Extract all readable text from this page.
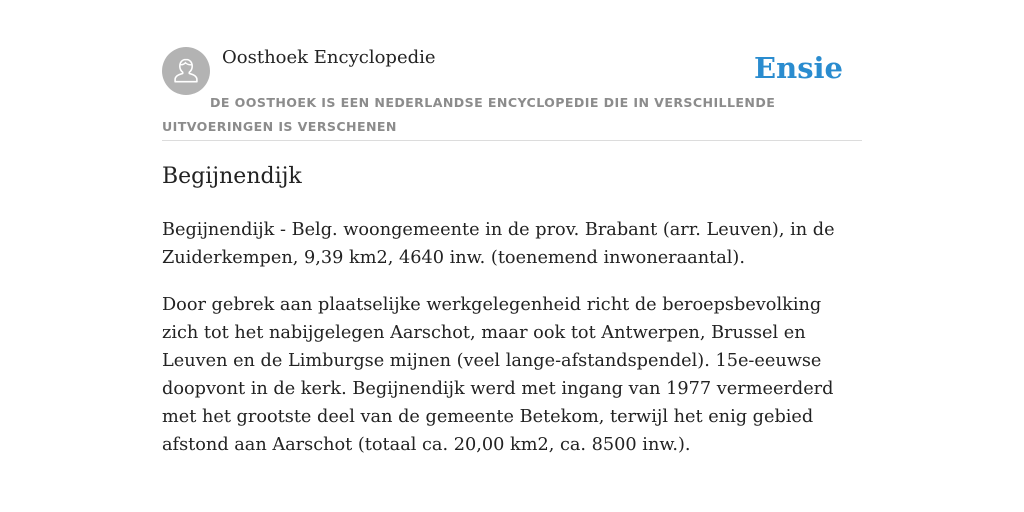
Oosthoek Encyclopedie	Ensie
DE OOSTHOEK IS EEN NEDERLANDSE ENCYCLOPEDIE DIE IN VERSCHILLENDE UITVOERINGEN IS VERSCHENEN
Begijnendijk

Begijnendijk - Belg. woongemeente in de prov. Brabant (arr. Leuven), in de Zuiderkempen, 9,39 km2, 4640 inw. (toenemend inwoneraantal).

Door gebrek aan plaatselijke werkgelegenheid richt de beroepsbevolking zich tot het nabijgelegen Aarschot, maar ook tot Antwerpen, Brussel en Leuven en de Limburgse mijnen (veel lange-afstandspendel). 15e-eeuwse doopvont in de kerk. Begijnendijk werd met ingang van 1977 vermeerderd met het grootste deel van de gemeente Betekom, terwijl het enig gebied afstond aan Aarschot (totaal ca. 20,00 km2, ca. 8500 inw.).
